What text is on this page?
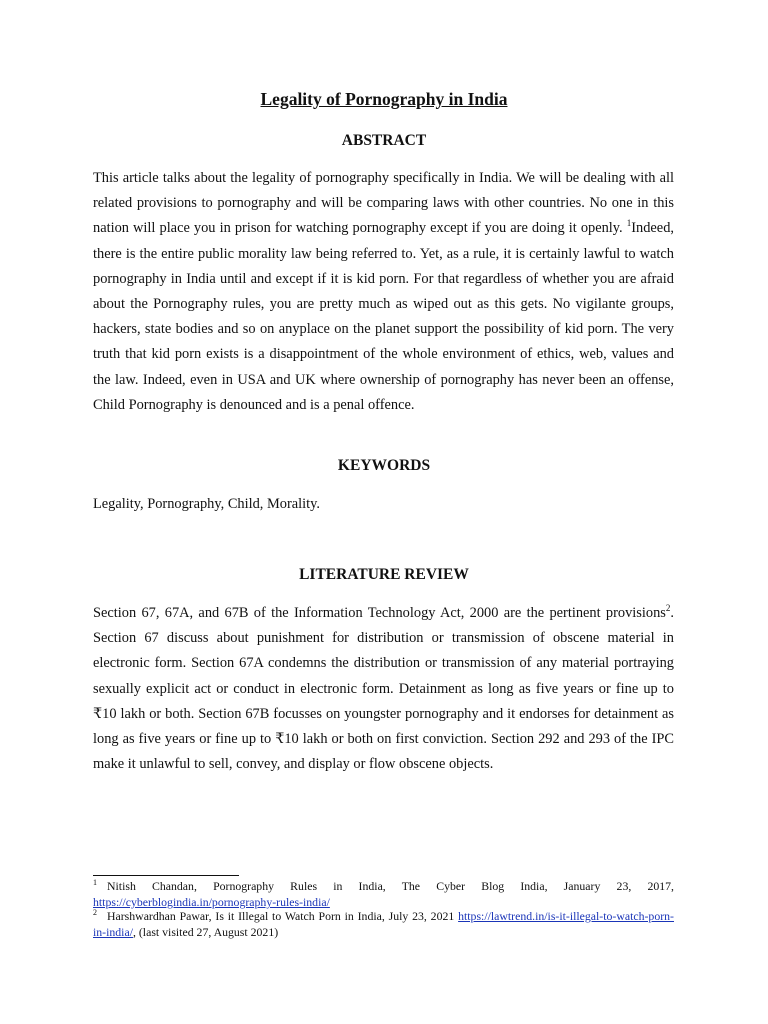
Legality of Pornography in India
ABSTRACT

This article talks about the legality of pornography specifically in India. We will be dealing with all related provisions to pornography and will be comparing laws with other countries. No one in this nation will place you in prison for watching pornography except if you are doing it openly. $^1$Indeed, there is the entire public morality law being referred to. Yet, as a rule, it is certainly lawful to watch pornography in India until and except if it is kid porn. For that regardless of whether you are afraid about the Pornography rules, you are pretty much as wiped out as this gets. No vigilante groups, hackers, state bodies and so on anyplace on the planet support the possibility of kid porn. The very truth that kid porn exists is a disappointment of the whole environment of ethics, web, values and the law. Indeed, even in USA and UK where ownership of pornography has never been an offense, Child Pornography is denounced and is a penal offence.

KEYWORDS

Legality, Pornography, Child, Morality.

LITERATURE REVIEW

Section 67, 67A, and 67B of the Information Technology Act, 2000 are the pertinent provisions$^2$. Section 67 discuss about punishment for distribution or transmission of obscene material in electronic form. Section 67A condemns the distribution or transmission of any material portraying sexually explicit act or conduct in electronic form. Detainment as long as five years or fine up to ₹10 lakh or both. Section 67B focusses on youngster pornography and it endorses for detainment as long as five years or fine up to ₹10 lakh or both on first conviction. Section 292 and 293 of the IPC make it unlawful to sell, convey, and display or flow obscene objects.

$^1$ Nitish Chandan, Pornography Rules in India, The Cyber Blog India, January 23, 2017, https://cyberblogindia.in/pornography-rules-india/

$^2$ Harshwardhan Pawar, Is it Illegal to Watch Porn in India, July 23, 2021 https://lawtrend.in/is-it-illegal-to-watch-porn-in-india/, (last visited 27, August 2021)
